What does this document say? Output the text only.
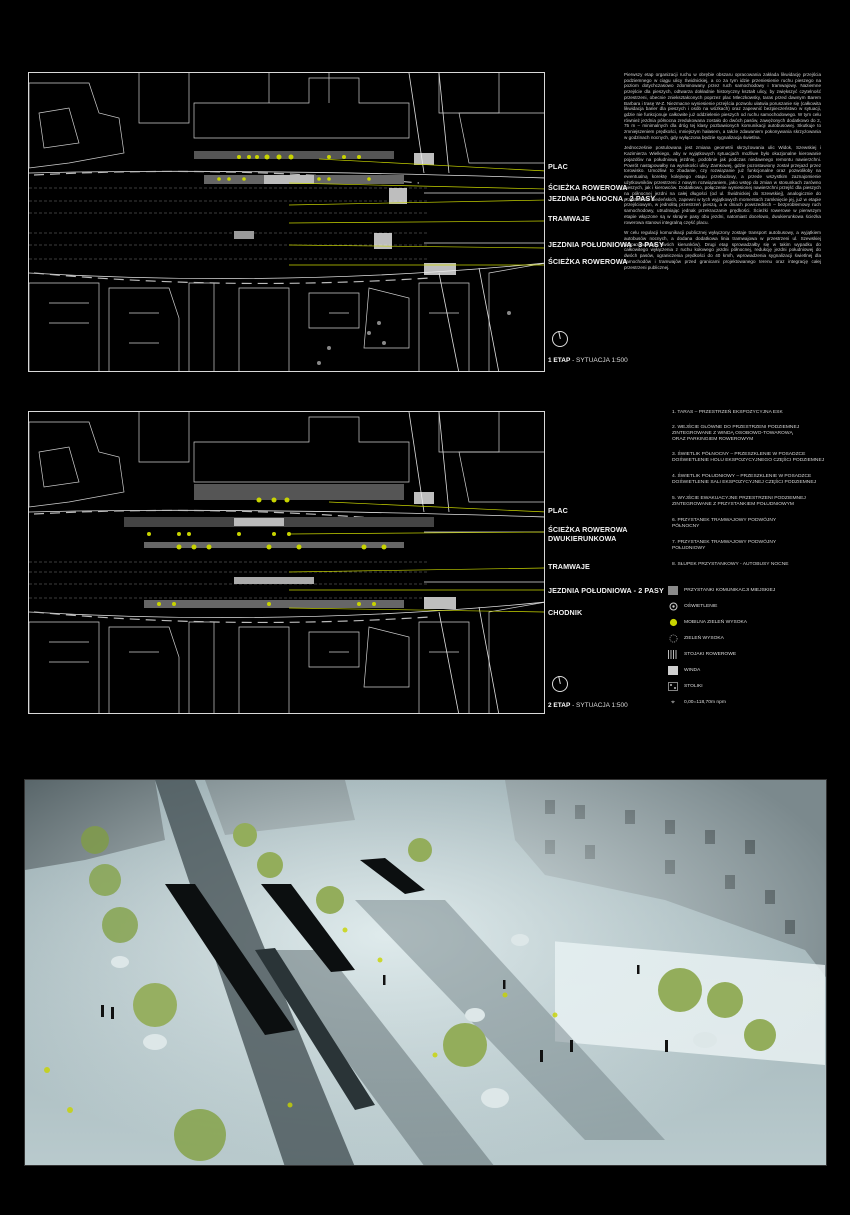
PLAC
ŚCIEŻKA ROWEROWA
JEZDNIA PÓŁNOCNA - 2 PASY
TRAMWAJE
JEZDNIA POŁUDNIOWA - 3 PASY
ŚCIEŻKA ROWEROWA
1 ETAP - SYTUACJA 1:500

Pierwszy etap organizacji ruchu w obrębie obszaru opracowania zakłada likwidację przejścia podziemnego w ciągu ulicy Świdnickiej, a co za tym idzie przeniesienie ruchu pieszego na poziom dotychczasowo zdominowany przez ruch samochodowy i tramwajowy. Naziemne przejście dla pieszych, odtwarza dokładnie historyczny kształt ulicy, by zwiększyć czytelność przestrzeni, obecnie zniekształconych poprzez plac Mleczkowsky, taras przed dawnym Barem Barbara i trasę W-Z. Niezmacne wyniesienie przejścia pozwolu ułatwia poruszanie się (całkowita likwidacja barier dla pieszych i osób na wózkach) oraz zapewnić bezpieczeństwo w sytuacji, gdzie nie funkcjonuje całkowite już oddzielenie pieszych od ruchu samochodowego. W tym celu również jezdnia północna zredukowana zostało do dwóch pasów, zawężonych dodatkowo do 2, 75 m – minimalnych dla dróg tej klasy pozbawionych komunikacji autobusowej. Skutkuje to zmniejszeniem prędkości, mniejszym hałasem, a także zdawaniem pokonywania skrzyżowania w godzinach nocnych, gdy wyłączona będzie sygnalizacja świetlna.

Jednocześnie postulowana jest zmiana geometrii skrzyżowania ulic Widok, Szewskiej i Kazimierza Wielkiego, aby w wyjątkowych sytuacjach możliwe było okazjonalne kierowanie pojazdów na południową jezdnię, podobnie jak podczas niedawnego remontu nawierzchni. Powrót nastąpowałby na wysokości ulicy Zamkowej, gdzie pozostawiony został przejazd przez torowisko. Umożliwi to zbadanie, czy rozwiązanie już funkcjonalne oraz pozwoliłoby na ewentualną korektę kolejnego etapu przebudowy, a przede wszystkim zaznajomienie użytkowników przestrzeni z nowym rozwiązaniem, jako wstęp do zmian w stosunkach zarówno pieszych, jak i kierowców. Dodatkowo, połączenie wyniesionej nawierzchni przejść dla pieszych na północnej jezdni na całej długości (od ul. Świdnickiej do Szewskiej), analogicznie do przystanków wiedeńskich, zapewni w tych wyjątkowych momentach zamknięcie jej, już w etapie przejściowym, w jednolitą przestrzeń pieszą, a w dniach powszednich – bezproblemowy ruch samochodowy, utrudniając jednak przekraczanie prędkości. Ścieżki rowerowe w pierwszym etapie włączone są w skrajne pasy obu jezdni, natomiast docelowo, dwukierunkowa ścieżka rowerowa stanowi integralną część placu.

W celu regulacji komunikacji publicznej wyłączony zostaje transport autobusowy, a wyjątkiem autobusów nocnych, a dodana dodatkowa linia tramwajowa w przestrzeni ul. Szewskiej (wyprowadzenie dwóch kierunków). Drugi etap sprowadzałby się w takim wypadku do całkowitego wyłączenia z ruchu kołowego jezdni północnej, redukcję jezdni południowej do dwóch pasów, ograniczenia prędkości do 40 km/h, wprowadzenia sygnalizacji świetlnej dla samochodów i tramwajów przed granicami projektowanego terenu oraz integrację całej przestrzeni publicznej.

PLAC
ŚCIEŻKA ROWEROWA
DWUKIERUNKOWA
TRAMWAJE
JEZDNIA POŁUDNIOWA - 2 PASY
CHODNIK
2 ETAP - SYTUACJA 1:500
1. TARAS – PRZESTRZEŃ EKSPOZYCYJNA ESK
2. WEJŚCIE GŁÓWNE DO PRZESTRZENI PODZIEMNEJ
ZINTEGROWANE Z WINDĄ OSOBOWO-TOWAROWĄ
ORAZ PARKINGIEM ROWEROWYM
3. ŚWIETLIK PÓŁNOCNY – PRZESZKLENIE W POSADZCE
DOŚWIETLENIE HOLU EKSPOZYCYJNEGO CZĘŚCI PODZIEMNEJ
4. ŚWIETLIK POŁUDNIOWY – PRZESZKLENIE W POSADZCE
DOŚWIETLENIE SALI EKSPOZYCYJNEJ CZĘŚCI PODZIEMNEJ
5. WYJŚCIE EWAKUACYJNE PRZESTRZENI PODZIEMNEJ
ZINTEGROWANE Z PRZYSTANKIEM POŁUDNIOWYM
6. PRZYSTANEK TRAMWAJOWY PODWÓJNY
PÓŁNOCNY
7. PRZYSTANEK TRAMWAJOWY PODWÓJNY
POŁUDNIOWY
8. SŁUPEK PRZYSTANKOWY - AUTOBUSY NOCNE
PRZYSTANKI KOMUNIKACJI MIEJSKIEJ
OŚWIETLENIE
MOBILNA ZIELEŃ WYSOKA
ZIELEŃ WYSOKA
STOJAKI ROWEROWE
WINDA
STOLIKI
⌖	0,00=118,70m npm
